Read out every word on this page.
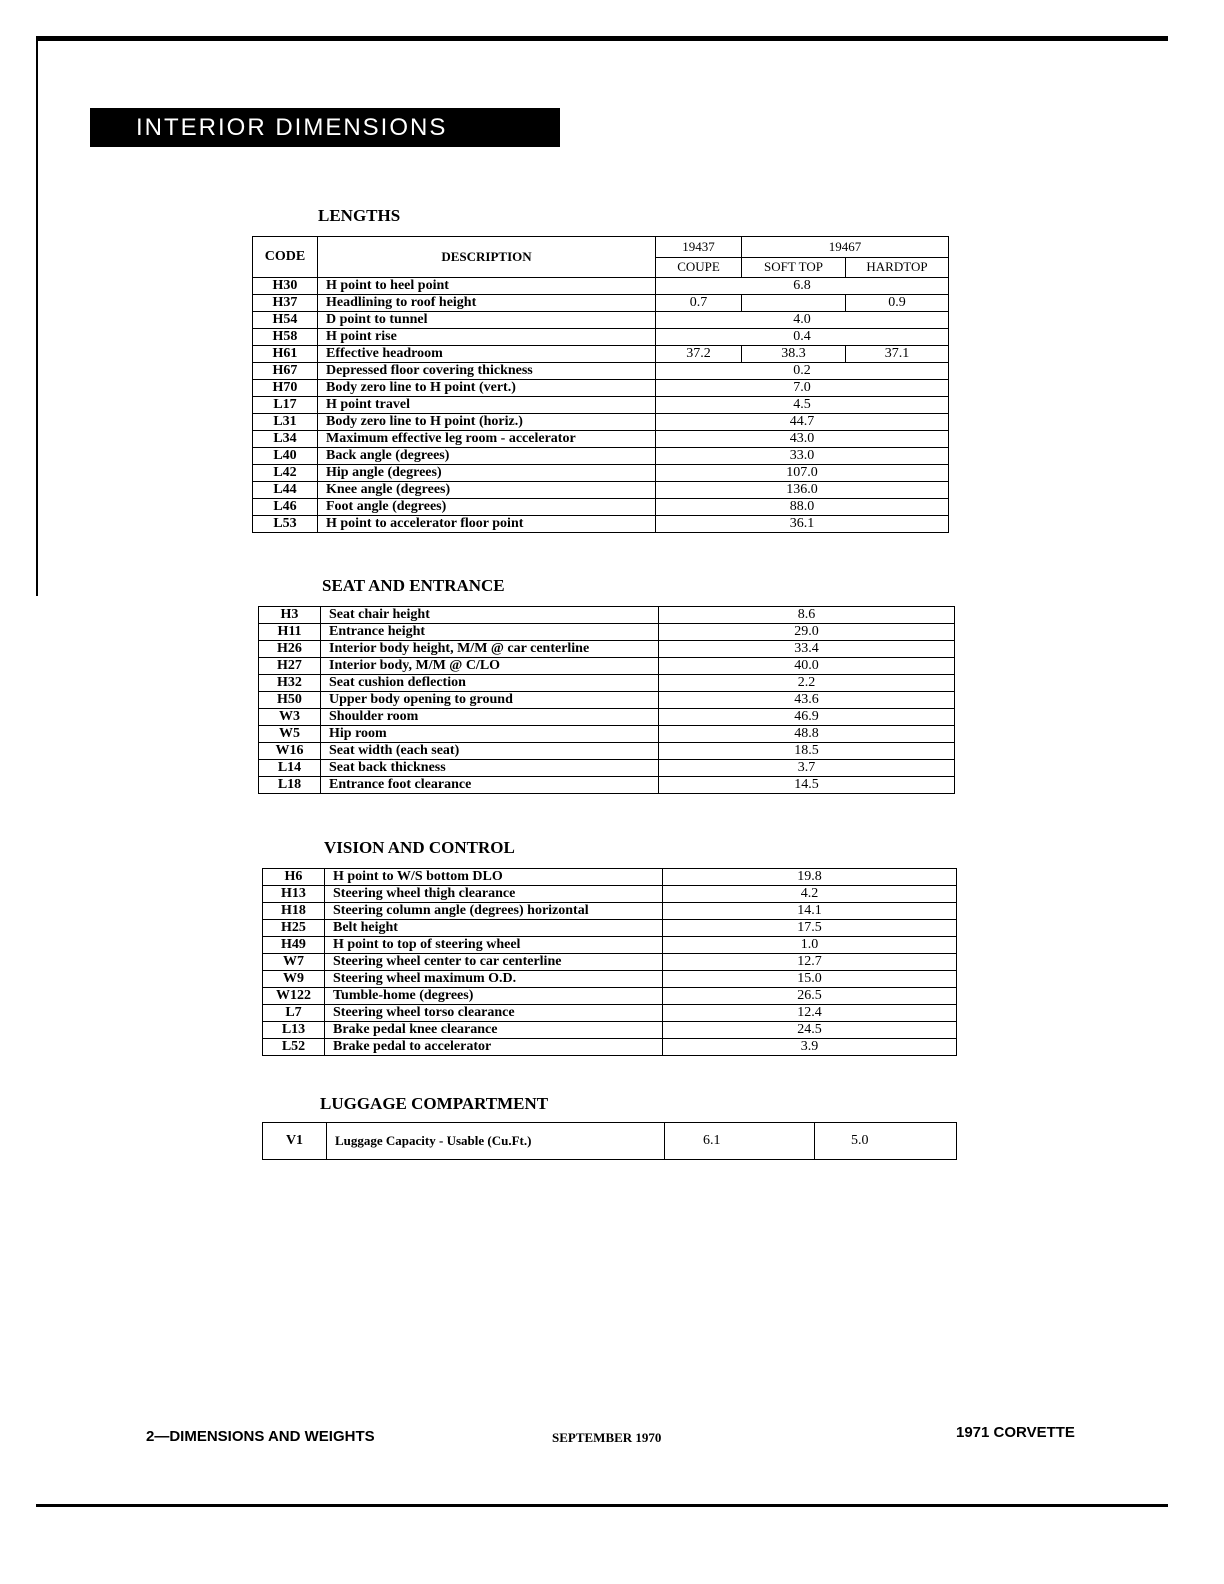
INTERIOR DIMENSIONS
LENGTHS
CODE	DESCRIPTION	19437	19467	
		COUPE	SOFT TOP	HARDTOP
H30	H point to heel point	6.8		
H37	Headlining to roof height	0.7		0.9
H54	D point to tunnel	4.0		
H58	H point rise	0.4		
H61	Effective headroom	37.2	38.3	37.1
H67	Depressed floor covering thickness	0.2		
H70	Body zero line to H point (vert.)	7.0		
L17	H point travel	4.5		
L31	Body zero line to H point (horiz.)	44.7		
L34	Maximum effective leg room - accelerator	43.0		
L40	Back angle (degrees)	33.0		
L42	Hip angle (degrees)	107.0		
L44	Knee angle (degrees)	136.0		
L46	Foot angle (degrees)	88.0		
L53	H point to accelerator floor point	36.1		
SEAT AND ENTRANCE
H3	Seat chair height	8.6
H11	Entrance height	29.0
H26	Interior body height, M/M @ car centerline	33.4
H27	Interior body, M/M @ C/LO	40.0
H32	Seat cushion deflection	2.2
H50	Upper body opening to ground	43.6
W3	Shoulder room	46.9
W5	Hip room	48.8
W16	Seat width (each seat)	18.5
L14	Seat back thickness	3.7
L18	Entrance foot clearance	14.5
VISION AND CONTROL
H6	H point to W/S bottom DLO	19.8
H13	Steering wheel thigh clearance	4.2
H18	Steering column angle (degrees) horizontal	14.1
H25	Belt height	17.5
H49	H point to top of steering wheel	1.0
W7	Steering wheel center to car centerline	12.7
W9	Steering wheel maximum O.D.	15.0
W122	Tumble-home (degrees)	26.5
L7	Steering wheel torso clearance	12.4
L13	Brake pedal knee clearance	24.5
L52	Brake pedal to accelerator	3.9
LUGGAGE COMPARTMENT
V1	Luggage Capacity - Usable (Cu.Ft.)	6.1	5.0
2—DIMENSIONS AND WEIGHTS	SEPTEMBER 1970	1971 CORVETTE
